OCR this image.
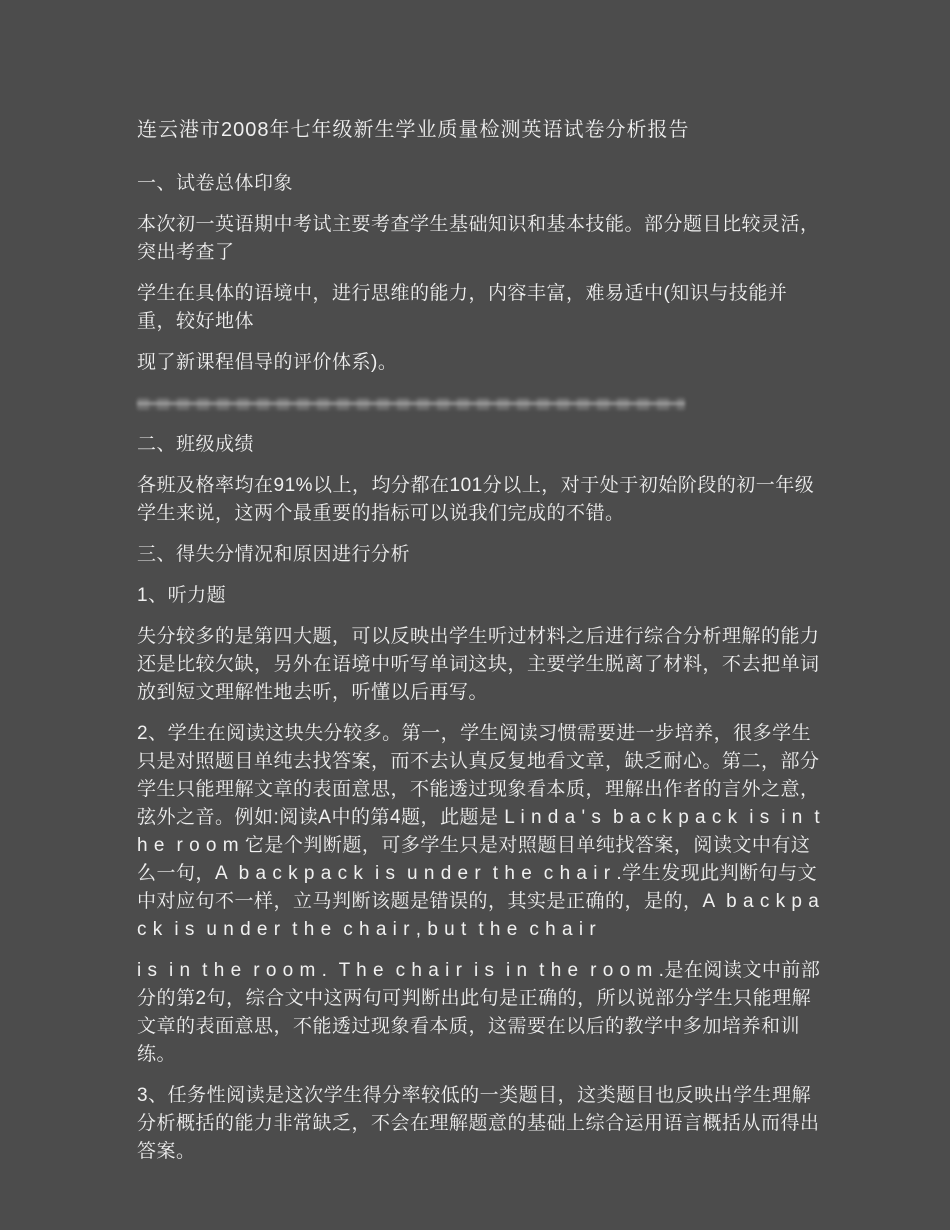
连云港市2008年七年级新生学业质量检测英语试卷分析报告
一、试卷总体印象

本次初一英语期中考试主要考查学生基础知识和基本技能。部分题目比较灵活，突出考查了

学生在具体的语境中，进行思维的能力，内容丰富，难易适中(知识与技能并重，较好地体

现了新课程倡导的评价体系)。

二、班级成绩

各班及格率均在91%以上，均分都在101分以上，对于处于初始阶段的初一年级学生来说，这两个最重要的指标可以说我们完成的不错。

三、得失分情况和原因进行分析
1、听力题

失分较多的是第四大题，可以反映出学生听过材料之后进行综合分析理解的能力还是比较欠缺，另外在语境中听写单词这块，主要学生脱离了材料，不去把单词放到短文理解性地去听，听懂以后再写。

2、学生在阅读这块失分较多。第一，学生阅读习惯需要进一步培养，很多学生只是对照题目单纯去找答案，而不去认真反复地看文章，缺乏耐心。第二，部分学生只能理解文章的表面意思，不能透过现象看本质，理解出作者的言外之意，弦外之音。例如:阅读A中的第4题，此题是 L i n d a ' s  b a c k p a c k  i s  i n  t h e  r o o m 它是个判断题，可多学生只是对照题目单纯找答案，阅读文中有这么一句，A  b a c k p a c k  i s  u n d e r  t h e  c h a i r .学生发现此判断句与文中对应句不一样，立马判断该题是错误的，其实是正确的，是的，A  b a c k p a c k  i s  u n d e r  t h e  c h a i r , b u t  t h e  c h a i r

i s  i n  t h e  r o o m .  T h e  c h a i r  i s  i n  t h e  r o o m .是在阅读文中前部分的第2句，综合文中这两句可判断出此句是正确的，所以说部分学生只能理解文章的表面意思，不能透过现象看本质，这需要在以后的教学中多加培养和训练。

3、任务性阅读是这次学生得分率较低的一类题目，这类题目也反映出学生理解分析概括的能力非常缺乏，不会在理解题意的基础上综合运用语言概括从而得出答案。
